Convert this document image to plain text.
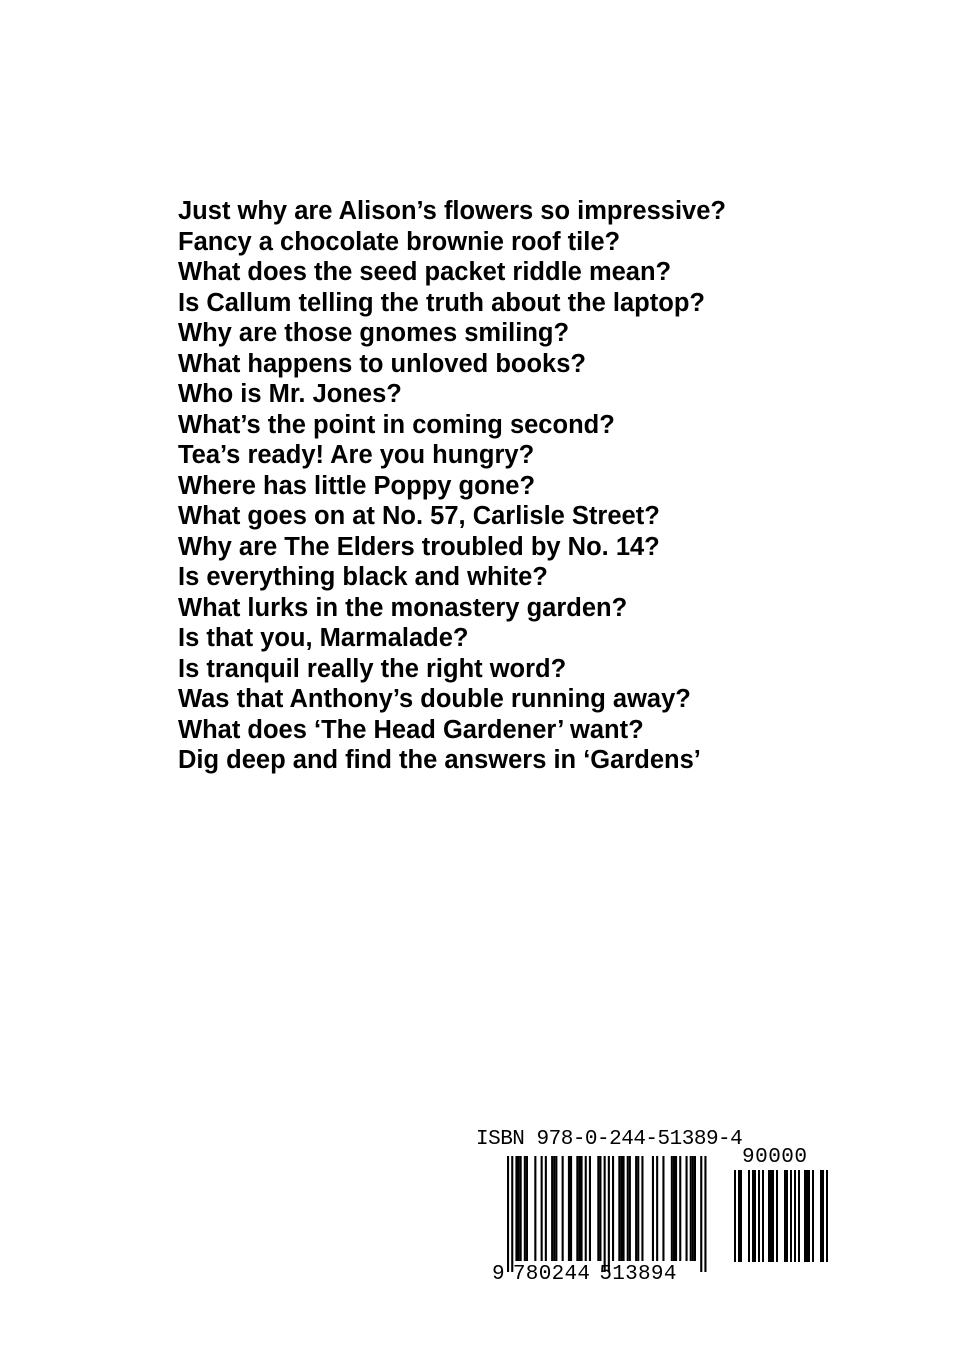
Just why are Alison’s flowers so impressive?
Fancy a chocolate brownie roof tile?
What does the seed packet riddle mean?
Is Callum telling the truth about the laptop?
Why are those gnomes smiling?
What happens to unloved books?
Who is Mr. Jones?
What’s the point in coming second?
Tea’s ready! Are you hungry?
Where has little Poppy gone?
What goes on at No. 57, Carlisle Street?
Why are The Elders troubled by No. 14?
Is everything black and white?
What lurks in the monastery garden?
Is that you, Marmalade?
Is tranquil really the right word?
Was that Anthony’s double running away?
What does ‘The Head Gardener’ want?
Dig deep and find the answers in ‘Gardens’
ISBN 978-0-244-51389-4
90000
9 780244 513894
